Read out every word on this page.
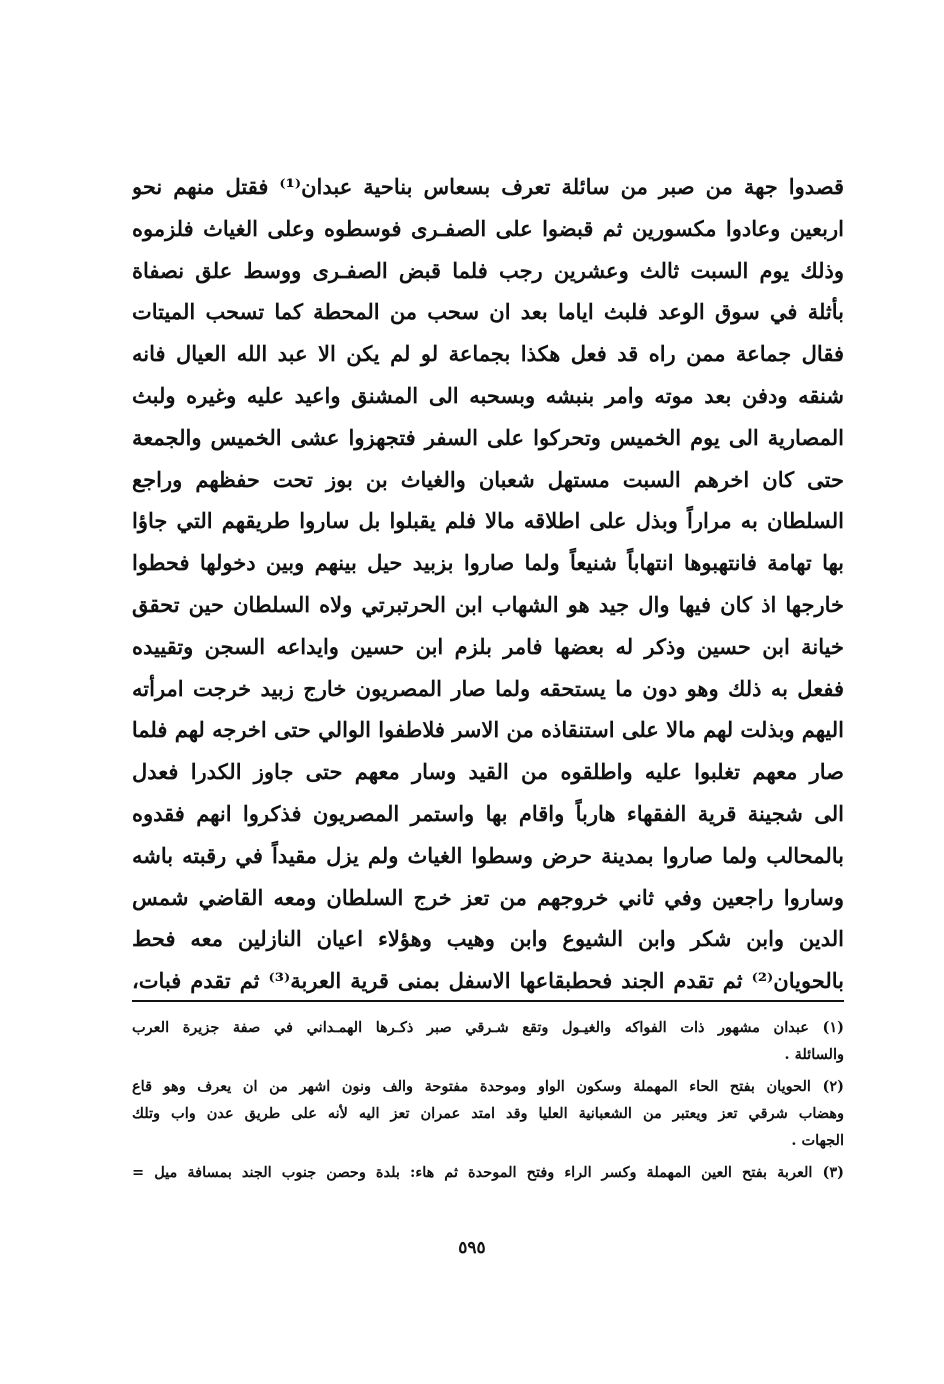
قصدوا جهة من صبر من سائلة تعرف بسعاس بناحية عبدان⁽¹⁾ فقتل منهم نحو
اربعين وعادوا مكسورين ثم قبضوا على الصفـرى فوسطوه وعلى الغياث فلزموه
وذلك يوم السبت ثالث وعشرين رجب فلما قبض الصفـرى ووسط علق نصفاة
بأثلة في سوق الوعد فلبث اياما بعد ان سحب من المحطة كما تسحب الميتات
فقال جماعة ممن راه قد فعل هكذا بجماعة لو لم يكن الا عبد الله العيال فانه
شنقه ودفن بعد موته وامر بنبشه وبسحبه الى المشنق واعيد عليه وغيره ولبث
المصارية الى يوم الخميس وتحركوا على السفر فتجهزوا عشى الخميس والجمعة
حتى كان اخرهم السبت مستهل شعبان والغياث بن بوز تحت حفظهم وراجع
السلطان به مراراً وبذل على اطلاقه مالا فلم يقبلوا بل ساروا طريقهم التي جاؤا
بها تهامة فانتهبوها انتهاباً شنيعاً ولما صاروا بزبيد حيل بينهم وبين دخولها فحطوا
خارجها اذ كان فيها وال جيد هو الشهاب ابن الحرتبرتي ولاه السلطان حين تحقق
خيانة ابن حسين وذكر له بعضها فامر بلزم ابن حسين وايداعه السجن وتقييده
ففعل به ذلك وهو دون ما يستحقه ولما صار المصريون خارج زبيد خرجت امرأته
اليهم وبذلت لهم مالا على استنقاذه من الاسر فلاطفوا الوالي حتى اخرجه لهم فلما
صار معهم تغلبوا عليه واطلقوه من القيد وسار معهم حتى جاوز الكدرا فعدل
الى شجينة قرية الفقهاء هارباً واقام بها واستمر المصريون فذكروا انهم فقدوه
بالمحالب ولما صاروا بمدينة حرض وسطوا الغياث ولم يزل مقيداً في رقبته باشه
وساروا راجعين وفي ثاني خروجهم من تعز خرج السلطان ومعه القاضي شمس
الدين وابن شكر وابن الشيوع وابن وهيب وهؤلاء اعيان النازلين معه فحط
بالحويان⁽²⁾ ثم تقدم الجند فحطبقاعها الاسفل بمنى قرية العربة⁽³⁾ ثم تقدم فبات،
(١) عبدان مشهور ذات الفواكه والغيـول وتقع شـرقي صبر ذكـرها الهمـداني في صفة جزيرة العرب
والسائلة .
(٢) الحويان بفتح الحاء المهملة وسكون الواو وموحدة مفتوحة والف ونون اشهر من ان يعرف وهو قاع
وهضاب شرقي تعز ويعتبر من الشعبانية العليا وقد امتد عمران تعز اليه لأنه على طريق عدن واب وتلك
الجهات .
(٣) العربة بفتح العين المهملة وكسر الراء وفتح الموحدة ثم هاء: بلدة وحصن جنوب الجند بمسافة ميل =
٥٩٥
